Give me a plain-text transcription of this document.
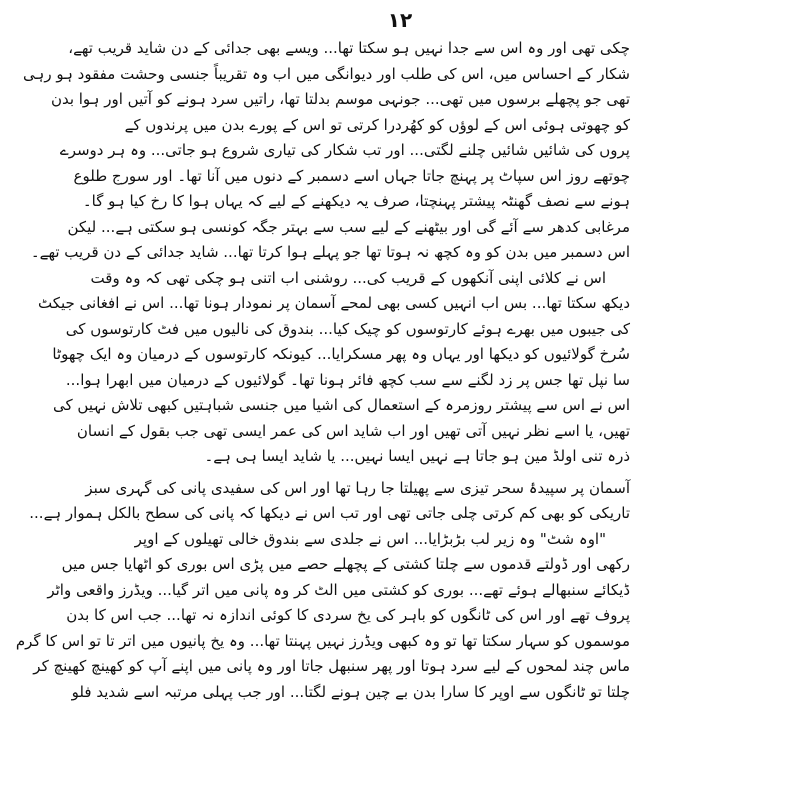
۱۲
چکی تھی اور وہ اس سے جدا نہیں ہو سکتا تھا... ویسے بھی جدائی کے دن شاید قریب تھے،
شکار کے احساس میں، اس کی طلب اور دیوانگی میں اب وہ تقریباً جنسی وحشت مفقود ہو رہی
تھی جو پچھلے برسوں میں تھی... جونہی موسم بدلتا تھا، راتیں سرد ہونے کو آتیں اور ہوا بدن
کو چھوتی ہوئی اس کے لوؤں کو کھُردرا کرتی تو اس کے پورے بدن میں پرندوں کے
پروں کی شائیں شائیں چلنے لگتی... اور تب شکار کی تیاری شروع ہو جاتی... وہ ہر دوسرے
چوتھے روز اس سپاٹ پر پہنچ جاتا جہاں اسے دسمبر کے دنوں میں آنا تھا۔ اور سورج طلوع
ہونے سے نصف گھنٹہ پیشتر پہنچتا، صرف یہ دیکھنے کے لیے کہ یہاں ہوا کا رخ کیا ہو گا۔
مرغابی کدھر سے آئے گی اور بیٹھنے کے لیے سب سے بہتر جگہ کونسی ہو سکتی ہے... لیکن
اس دسمبر میں بدن کو وہ کچھ نہ ہوتا تھا جو پہلے ہوا کرتا تھا... شاید جدائی کے دن قریب تھے۔
اس نے کلائی اپنی آنکھوں کے قریب کی... روشنی اب اتنی ہو چکی تھی کہ وہ وقت
دیکھ سکتا تھا... بس اب انہیں کسی بھی لمحے آسمان پر نمودار ہونا تھا... اس نے افغانی جیکٹ
کی جیبوں میں بھرے ہوئے کارتوسوں کو چیک کیا... بندوق کی نالیوں میں فٹ کارتوسوں کی
سُرخ گولائیوں کو دیکھا اور یہاں وہ پھر مسکرایا... کیونکہ کارتوسوں کے درمیان وہ ایک چھوٹا
سا نپل تھا جس پر زد لگنے سے سب کچھ فائر ہونا تھا۔ گولائیوں کے درمیان میں ابھرا ہوا...
اس نے اس سے پیشتر روزمرہ کے استعمال کی اشیا میں جنسی شباہتیں کبھی تلاش نہیں کی
تھیں، یا اسے نظر نہیں آتی تھیں اور اب شاید اس کی عمر ایسی تھی جب بقول کے انسان
ذرہ تنی اولڈ مین ہو جاتا ہے نہیں ایسا نہیں... یا شاید ایسا ہی ہے۔
آسمان پر سپیدۂ سحر تیزی سے پھیلتا جا رہا تھا اور اس کی سفیدی پانی کی گہری سبز
تاریکی کو بھی کم کرتی چلی جاتی تھی اور تب اس نے دیکھا کہ پانی کی سطح بالکل ہموار ہے...
"اوہ شٹ" وہ زیر لب بڑبڑایا... اس نے جلدی سے بندوق خالی تھیلوں کے اوپر
رکھی اور ڈولتے قدموں سے چلتا کشتی کے پچھلے حصے میں پڑی اس بوری کو اٹھایا جس میں
ڈیکائے سنبھالے ہوئے تھے... بوری کو کشتی میں الٹ کر وہ پانی میں اتر گیا... ویڈرز واقعی واٹر
پروف تھے اور اس کی ٹانگوں کو باہر کی یخ سردی کا کوئی اندازہ نہ تھا... جب اس کا بدن
موسموں کو سہار سکتا تھا تو وہ کبھی ویڈرز نہیں پہنتا تھا... وہ یخ پانیوں میں اتر تا تو اس کا گرم
ماس چند لمحوں کے لیے سرد ہوتا اور پھر سنبھل جاتا اور وہ پانی میں اپنے آپ کو کھینچ کھینچ کر
چلتا تو ٹانگوں سے اوپر کا سارا بدن بے چین ہونے لگتا... اور جب پہلی مرتبہ اسے شدید فلو
